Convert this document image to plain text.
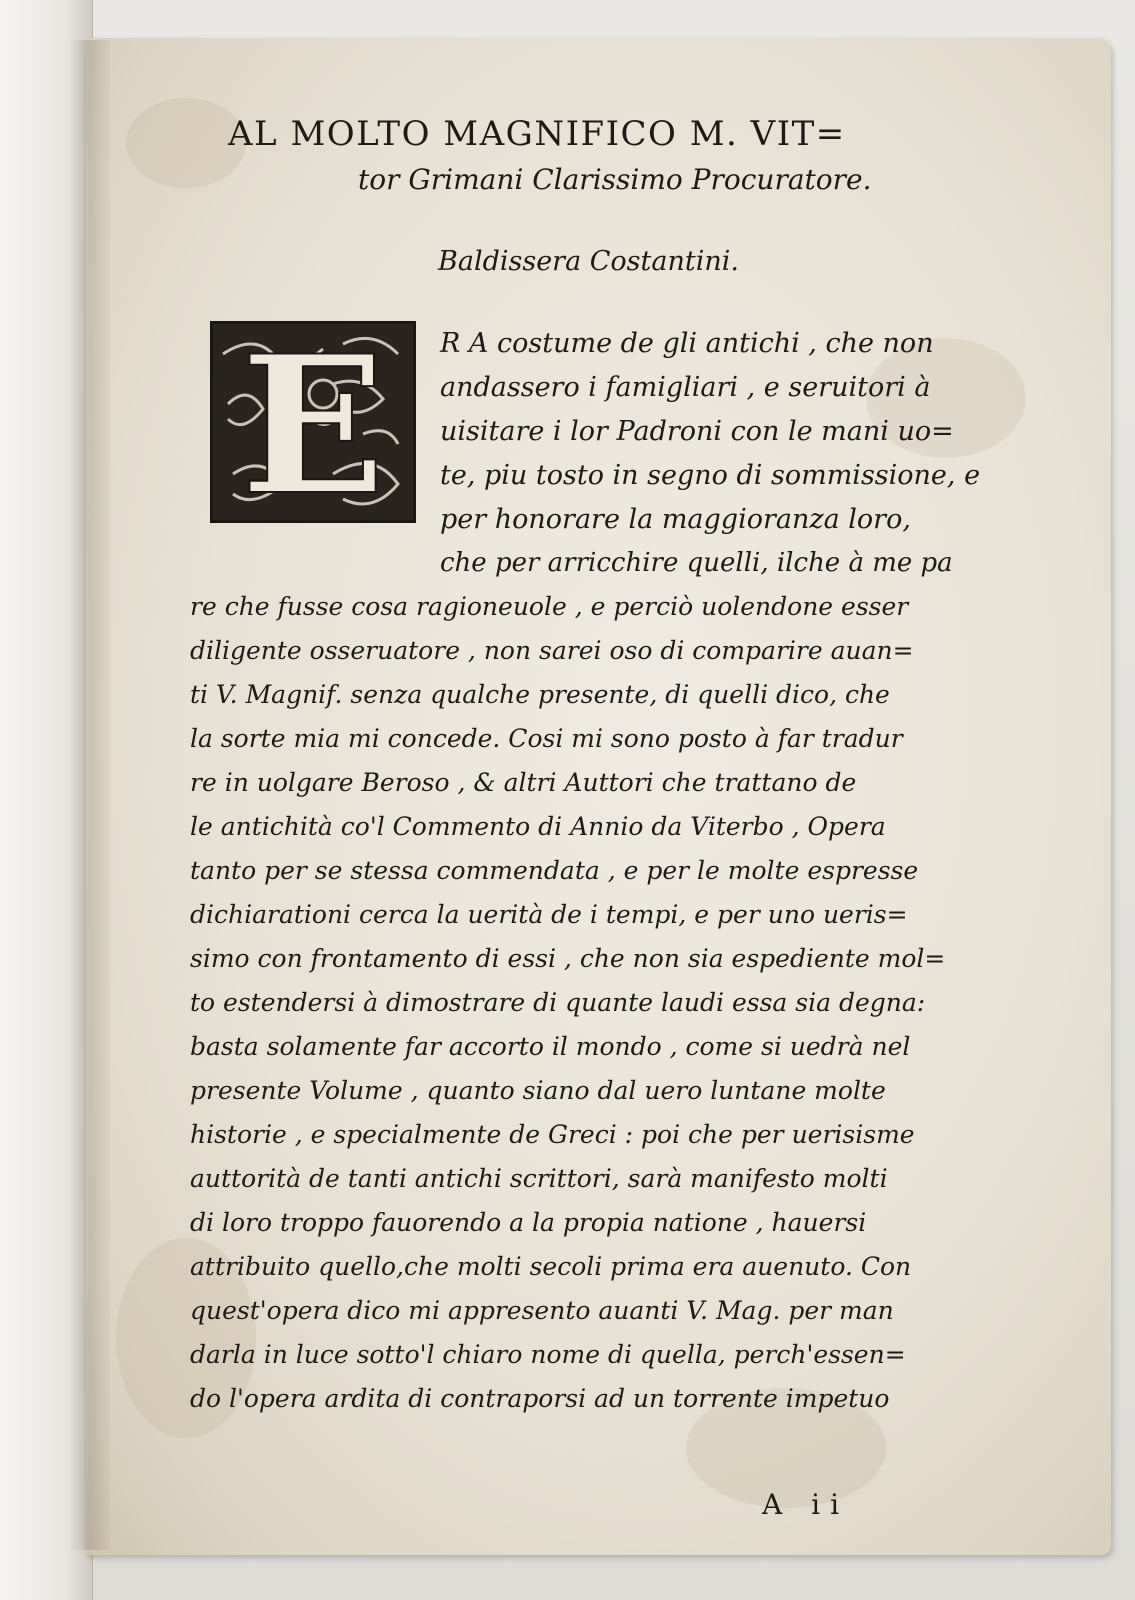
AL MOLTO MAGNIFICO M. VIT=
tor Grimani Clarissimo Procuratore.
Baldissera Costantini.
E R A costume de gli antichi , che non
andassero i famigliari , e seruitori à
uisitare i lor Padroni con le mani uo=
te, piu tosto in segno di sommissione, e
per honorare la maggioranza loro,
che per arricchire quelli, ilche à me pa
re che fusse cosa ragioneuole , e perciò uolendone esser
diligente osseruatore , non sarei oso di comparire auan=
ti V. Magnif. senza qualche presente, di quelli dico, che
la sorte mia mi concede. Cosi mi sono posto à far tradur
re in uolgare Beroso , & altri Auttori che trattano de
le antichità co'l Commento di Annio da Viterbo , Opera
tanto per se stessa commendata , e per le molte espresse
dichiarationi cerca la uerità de i tempi, e per uno ueris=
simo con frontamento di essi , che non sia espediente mol=
to estendersi à dimostrare di quante laudi essa sia degna:
basta solamente far accorto il mondo , come si uedrà nel
presente Volume , quanto siano dal uero luntane molte
historie , e specialmente de Greci : poi che per uerisisme
auttorità de tanti antichi scrittori, sarà manifesto molti
di loro troppo fauorendo a la propia natione , hauersi
attribuito quello,che molti secoli prima era auenuto. Con
quest'opera dico mi appresento auanti V. Mag. per man
darla in luce sotto'l chiaro nome di quella, perch'essen=
do l'opera ardita di contraporsi ad un torrente impetuo
A ii
